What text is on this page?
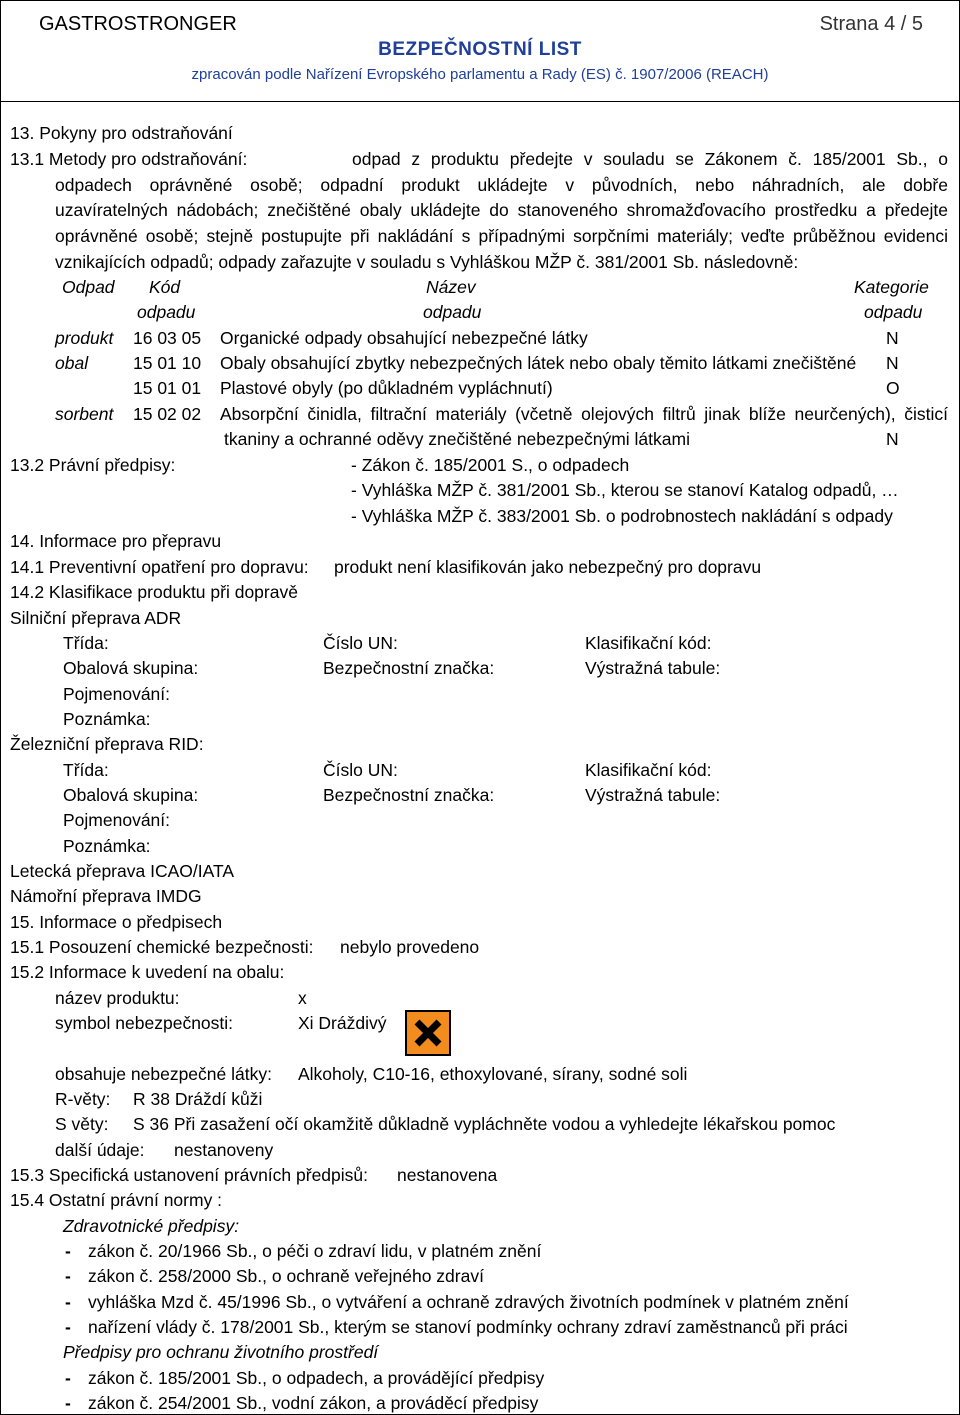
GASTROSTRONGER	Strana 4 / 5
BEZPEČNOSTNÍ LIST
zpracován podle Nařízení Evropského parlamentu a Rady (ES) č. 1907/2006 (REACH)
13. Pokyny pro odstraňování
13.1 Metody pro odstraňování:	odpad z produktu předejte v souladu se Zákonem č. 185/2001 Sb., o
odpadech oprávněné osobě; odpadní produkt ukládejte v původních, nebo náhradních, ale dobře
uzavíratelných nádobách; znečištěné obaly ukládejte do stanoveného shromažďovacího prostředku a předejte
oprávněné osobě; stejně postupujte při nakládání s případnými sorpčními materiály; veďte průběžnou evidenci
vznikajících odpadů; odpady zařazujte v souladu s Vyhláškou MŽP č. 381/2001 Sb. následovně:
Odpad Kód	Název	Kategorie
odpadu	odpadu	odpadu
produkt 16 03 05 Organické odpady obsahující nebezpečné látky	N
obal	15 01 10 Obaly obsahující zbytky nebezpečných látek nebo obaly těmito látkami znečištěné N
15 01 01 Plastové obyly (po důkladném vypláchnutí)	O
sorbent 15 02 02 Absorpční činidla, filtrační materiály (včetně olejových filtrů jinak blíže neurčených), čisticí
tkaniny a ochranné oděvy znečištěné nebezpečnými látkami	N
13.2 Právní předpisy:	- Zákon č. 185/2001 S., o odpadech
- Vyhláška MŽP č. 381/2001 Sb., kterou se stanoví Katalog odpadů, …
- Vyhláška MŽP č. 383/2001 Sb. o podrobnostech nakládání s odpady
14. Informace pro přepravu
14.1 Preventivní opatření pro dopravu: produkt není klasifikován jako nebezpečný pro dopravu
14.2 Klasifikace produktu při dopravě
Silniční přeprava ADR
Třída:	Číslo UN:	Klasifikační kód:
Obalová skupina:	Bezpečnostní značka:	Výstražná tabule:
Pojmenování:
Poznámka:
Železniční přeprava RID:
Třída:	Číslo UN:	Klasifikační kód:
Obalová skupina:	Bezpečnostní značka:	Výstražná tabule:
Pojmenování:
Poznámka:
Letecká přeprava ICAO/IATA
Námořní přeprava IMDG
15. Informace o předpisech
15.1 Posouzení chemické bezpečnosti: nebylo provedeno
15.2 Informace k uvedení na obalu:
název produktu:	x
symbol nebezpečnosti:	Xi Dráždivý
obsahuje nebezpečné látky: Alkoholy, C10-16, ethoxylované, sírany, sodné soli
R-věty: R 38 Dráždí kůži
S věty: S 36 Při zasažení očí okamžitě důkladně vypláchněte vodou a vyhledejte lékařskou pomoc
další údaje: nestanoveny
15.3 Specifická ustanovení právních předpisů: nestanovena
15.4 Ostatní právní normy :
Zdravotnické předpisy:
- zákon č. 20/1966 Sb., o péči o zdraví lidu, v platném znění
- zákon č. 258/2000 Sb., o ochraně veřejného zdraví
- vyhláška Mzd č. 45/1996 Sb., o vytváření a ochraně zdravých životních podmínek v platném znění
- nařízení vlády č. 178/2001 Sb., kterým se stanoví podmínky ochrany zdraví zaměstnanců při práci
Předpisy pro ochranu životního prostředí
- zákon č. 185/2001 Sb., o odpadech, a provádějící předpisy
- zákon č. 254/2001 Sb., vodní zákon, a prováděcí předpisy
